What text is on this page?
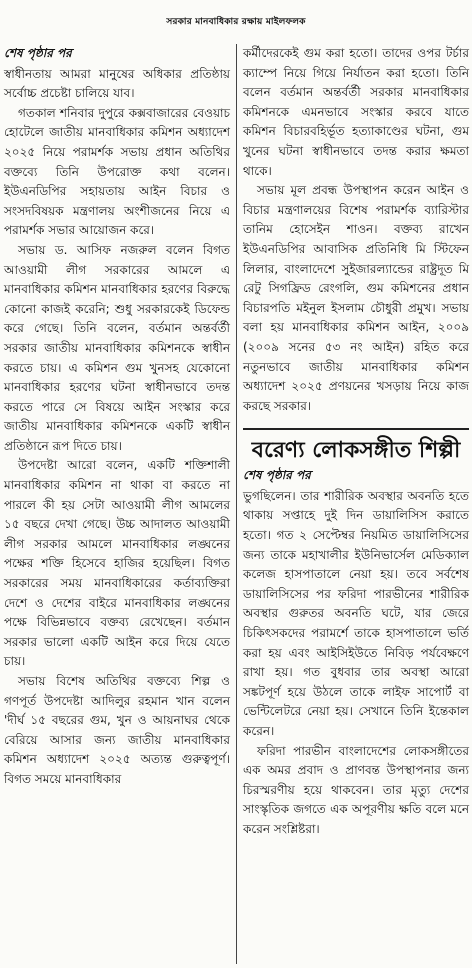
সরকার মানবাধিকার রক্ষায় মাইলফলক
শেষ পৃষ্ঠার পর

স্বাধীনতায় আমরা মানুষের অধিকার প্রতিষ্ঠায় সর্বোচ্চ প্রচেষ্টা চালিয়ে যাব।

গতকাল শনিবার দুপুরে কক্সবাজারের বেওয়াচ হোটেলে জাতীয় মানবাধিকার কমিশন অধ্যাদেশ ২০২৫ নিয়ে পরামর্শক সভায় প্রধান অতিথির বক্তব্যে তিনি উপরোক্ত কথা বলেন। ইউএনডিপির সহায়তায় আইন বিচার ও সংসদবিষয়ক মন্ত্রণালয় অংশীজনের নিয়ে এ পরামর্শক সভার আয়োজন করে।

সভায় ড. আসিফ নজরুল বলেন বিগত আওয়ামী লীগ সরকারের আমলে এ মানবাধিকার কমিশন মানবাধিকার হরণের বিরুদ্ধে কোনো কাজই করেনি; শুধু সরকারকেই ডিফেন্ড করে গেছে। তিনি বলেন, বর্তমান অন্তর্বর্তী সরকার জাতীয় মানবাধিকার কমিশনকে স্বাধীন করতে চায়। এ কমিশন গুম খুনসহ যেকোনো মানবাধিকার হরণের ঘটনা স্বাধীনভাবে তদন্ত করতে পারে সে বিষয়ে আইন সংস্কার করে জাতীয় মানবাধিকার কমিশনকে একটি স্বাধীন প্রতিষ্ঠানে রূপ দিতে চায়।

উপদেষ্টা আরো বলেন, একটি শক্তিশালী মানবাধিকার কমিশন না থাকা বা করতে না পারলে কী হয় সেটা আওয়ামী লীগ আমলের ১৫ বছরে দেখা গেছে। উচ্চ আদালত আওয়ামী লীগ সরকার আমলে মানবাধিকার লঙ্ঘনের পক্ষের শক্তি হিসেবে হাজির হয়েছিল। বিগত সরকারের সময় মানবাধিকারের কর্তাব্যক্তিরা দেশে ও দেশের বাইরে মানবাধিকার লঙ্ঘনের পক্ষে বিভিন্নভাবে বক্তব্য রেখেছেন। বর্তমান সরকার ভালো একটি আইন করে দিয়ে যেতে চায়।

সভায় বিশেষ অতিথির বক্তব্যে শিল্প ও গণপূর্ত উপদেষ্টা আদিলুর রহমান খান বলেন 'দীর্ঘ ১৫ বছরের গুম, খুন ও আয়নাঘর থেকে বেরিয়ে আসার জন্য জাতীয় মানবাধিকার কমিশন অধ্যাদেশ ২০২৫ অত্যন্ত গুরুত্বপূর্ণ। বিগত সময়ে মানবাধিকার

কর্মীদেরকেই গুম করা হতো। তাদের ওপর টর্চার ক্যাম্পে নিয়ে গিয়ে নির্যাতন করা হতো। তিনি বলেন বর্তমান অন্তর্বর্তী সরকার মানবাধিকার কমিশনকে এমনভাবে সংস্কার করবে যাতে কমিশন বিচারবহির্ভূত হত্যাকাণ্ডের ঘটনা, গুম খুনের ঘটনা স্বাধীনভাবে তদন্ত করার ক্ষমতা থাকে।

সভায় মূল প্রবন্ধ উপস্থাপন করেন আইন ও বিচার মন্ত্রণালয়ের বিশেষ পরামর্শক ব্যারিস্টার তানিম হোসেইন শাওন। বক্তব্য রাখেন ইউএনডিপির আবাসিক প্রতিনিধি মি স্টিফেন লিলার, বাংলাদেশে সুইজারল্যান্ডের রাষ্ট্রদূত মি রেটু সিগফ্রিড রেংগলি, গুম কমিশনের প্রধান বিচারপতি মইনুল ইসলাম চৌধুরী প্রমুখ। সভায় বলা হয় মানবাধিকার কমিশন আইন, ২০০৯ (২০০৯ সনের ৫৩ নং আইন) রহিত করে নতুনভাবে জাতীয় মানবাধিকার কমিশন অধ্যাদেশ ২০২৫ প্রণয়নের খসড়ায় নিয়ে কাজ করছে সরকার।

বরেণ্য লোকসঙ্গীত শিল্পী
শেষ পৃষ্ঠার পর

ভুগছিলেন। তার শারীরিক অবস্থার অবনতি হতে থাকায় সপ্তাহে দুই দিন ডায়ালিসিস করাতে হতো। গত ২ সেপ্টেম্বর নিয়মিত ডায়ালিসিসের জন্য তাকে মহাখালীর ইউনিভার্সেল মেডিক্যাল কলেজ হাসপাতালে নেয়া হয়। তবে সর্বশেষ ডায়ালিসিসের পর ফরিদা পারভীনের শারীরিক অবস্থার গুরুতর অবনতি ঘটে, যার জেরে চিকিৎসকদের পরামর্শে তাকে হাসপাতালে ভর্তি করা হয় এবং আইসিইউতে নিবিড় পর্যবেক্ষণে রাখা হয়। গত বুধবার তার অবস্থা আরো সঙ্কটপূর্ণ হয়ে উঠলে তাকে লাইফ সাপোর্ট বা ভেন্টিলেটরে নেয়া হয়। সেখানে তিনি ইন্তেকাল করেন।

ফরিদা পারভীন বাংলাদেশের লোকসঙ্গীতের এক অমর প্রবাদ ও প্রাণবন্ত উপস্থাপনার জন্য চিরস্মরণীয় হয়ে থাকবেন। তার মৃত্যু দেশের সাংস্কৃতিক জগতে এক অপূরণীয় ক্ষতি বলে মনে করেন সংশ্লিষ্টরা।
